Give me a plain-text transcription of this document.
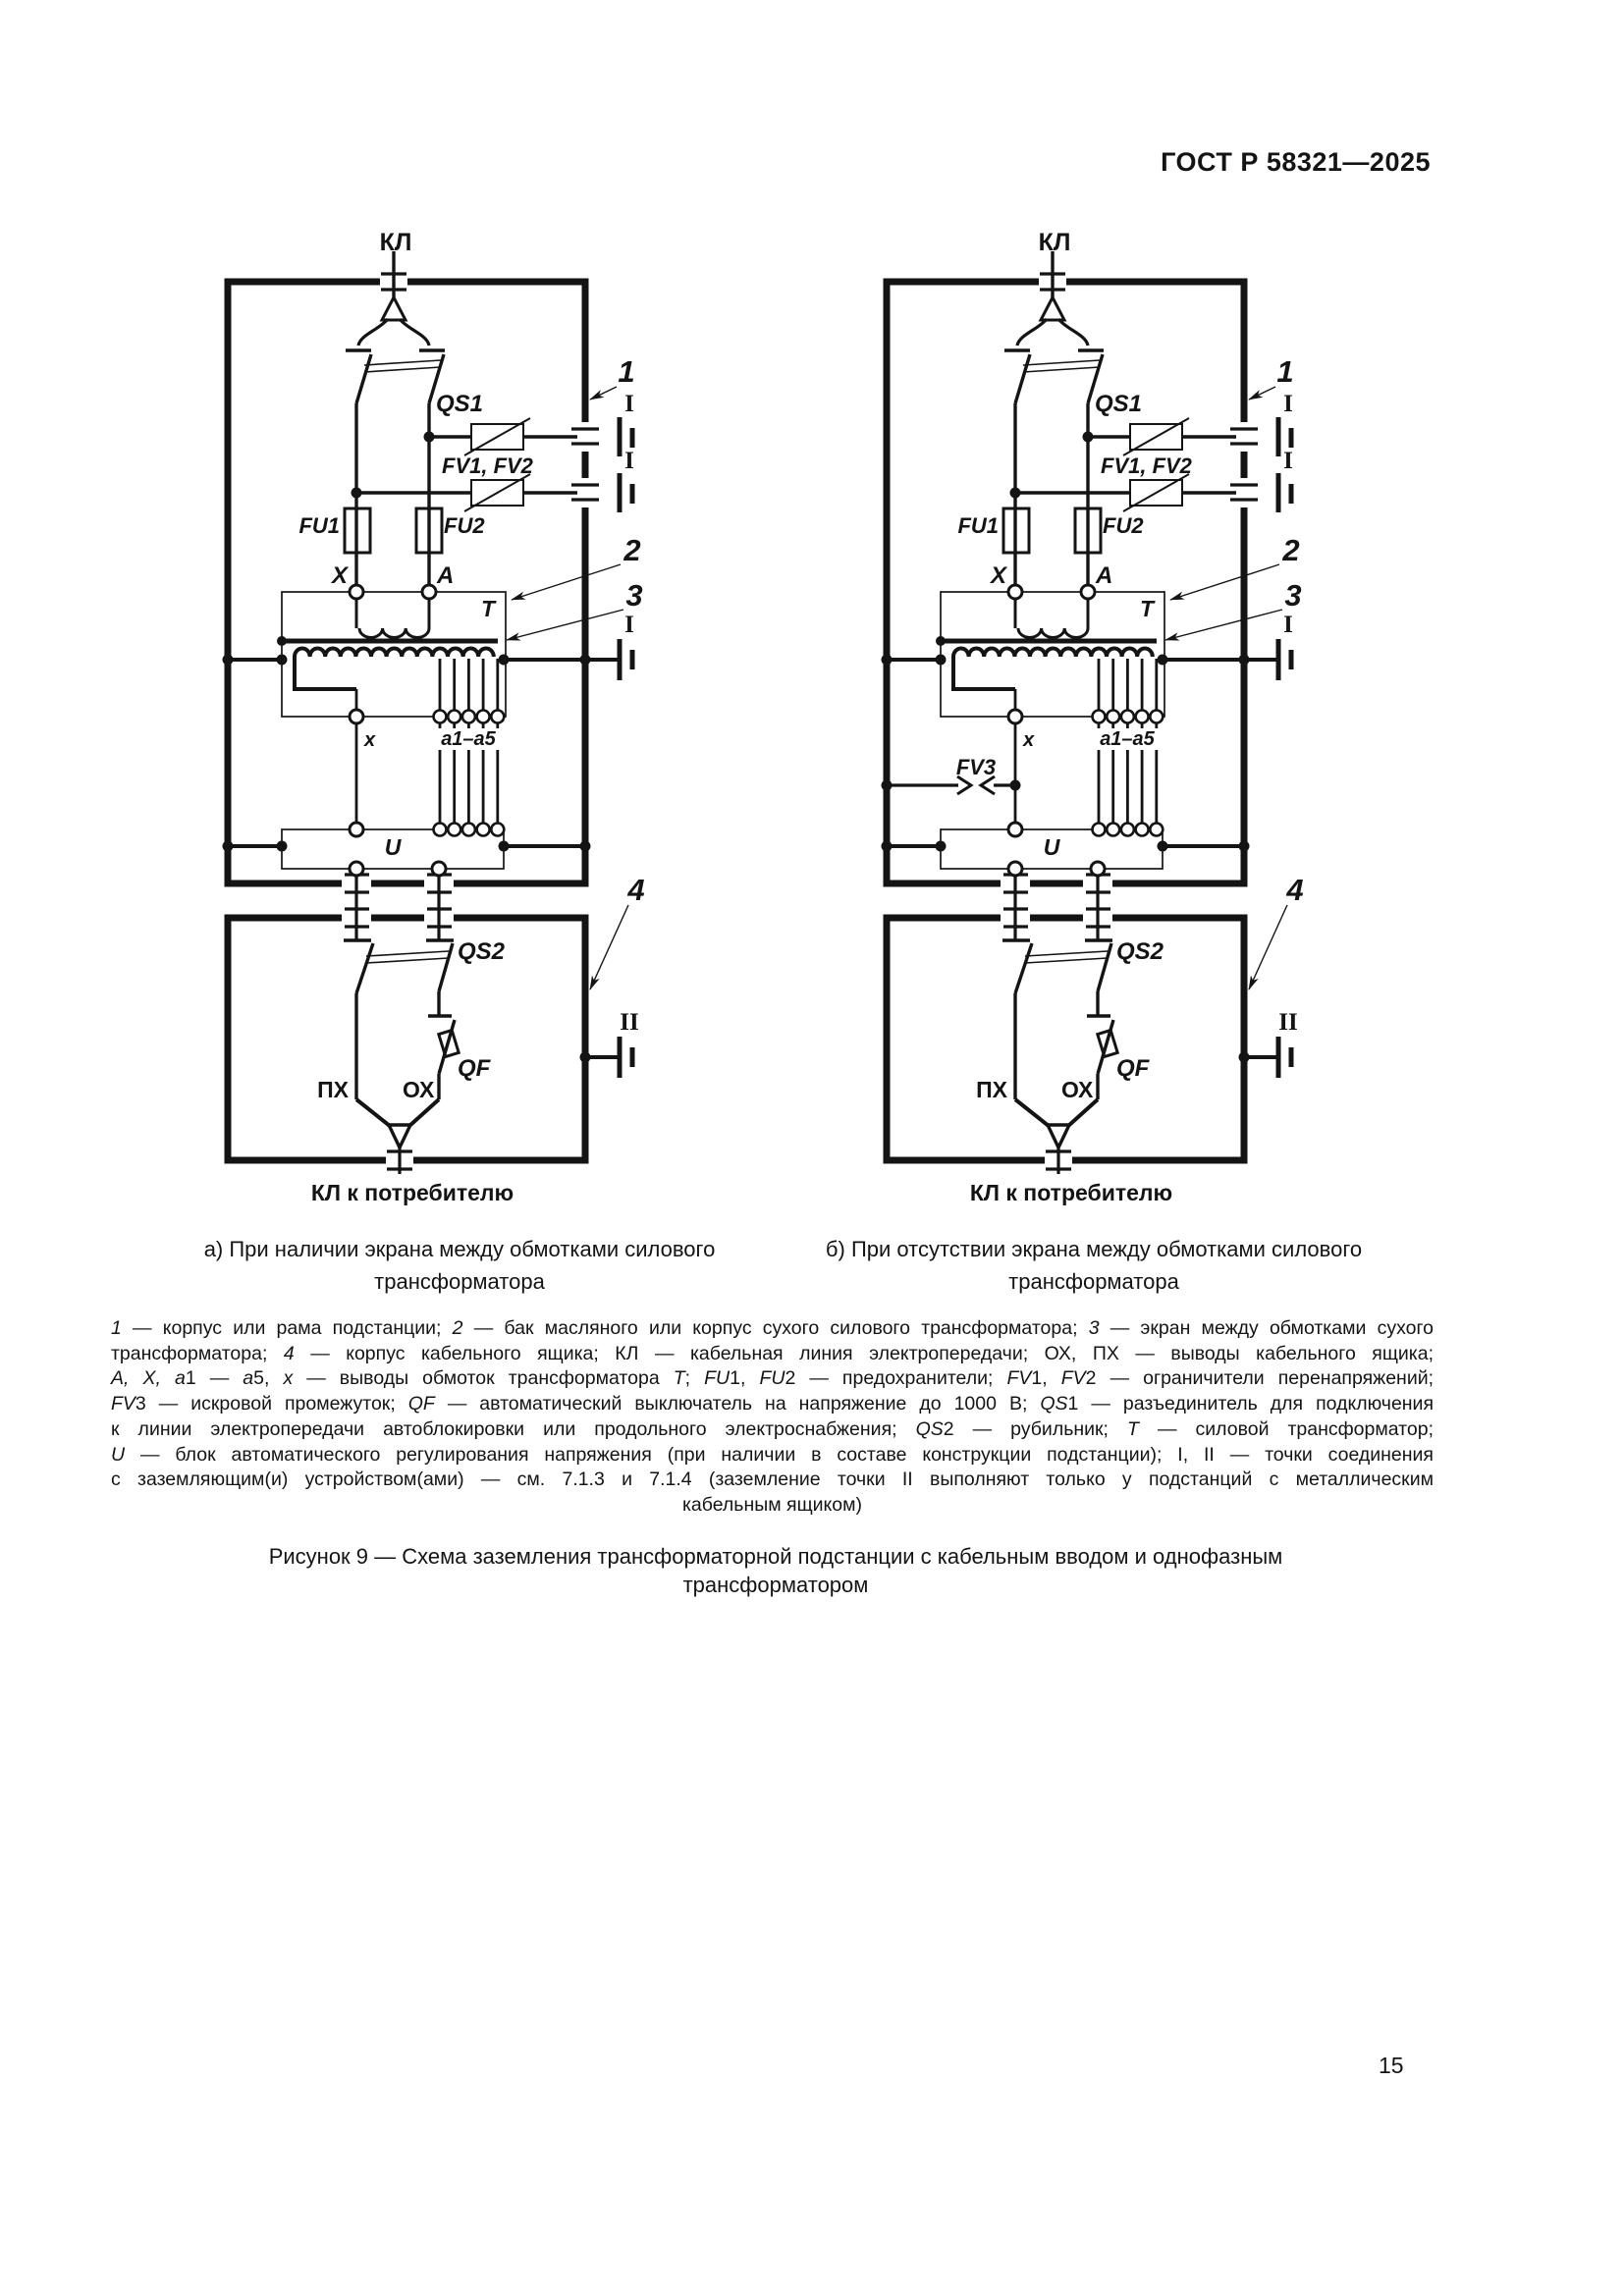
ГОСТ Р 58321—2025
FV3
а) При наличии экрана между обмотками силового
трансформатора
б) При отсутствии экрана между обмотками силового
трансформатора
1 — корпус или рама подстанции; 2 — бак масляного или корпус сухого силового трансформатора; 3 — экран между обмотками сухого
трансформатора; 4 — корпус кабельного ящика; КЛ — кабельная линия электропередачи; ОХ, ПХ — выводы кабельного ящика;
A, X, a1 — a5, x — выводы обмоток трансформатора T; FU1, FU2 — предохранители; FV1, FV2 — ограничители перенапряжений;
FV3 — искровой промежуток; QF — автоматический выключатель на напряжение до 1000 В; QS1 — разъединитель для подключения
к линии электропередачи автоблокировки или продольного электроснабжения; QS2 — рубильник; T — силовой трансформатор;
U — блок автоматического регулирования напряжения (при наличии в составе конструкции подстанции); I, II — точки соединения
с заземляющим(и) устройством(ами) — см. 7.1.3 и 7.1.4 (заземление точки II выполняют только у подстанций с металлическим
кабельным ящиком)
Рисунок 9 — Схема заземления трансформаторной подстанции с кабельным вводом и однофазным
трансформатором
15
